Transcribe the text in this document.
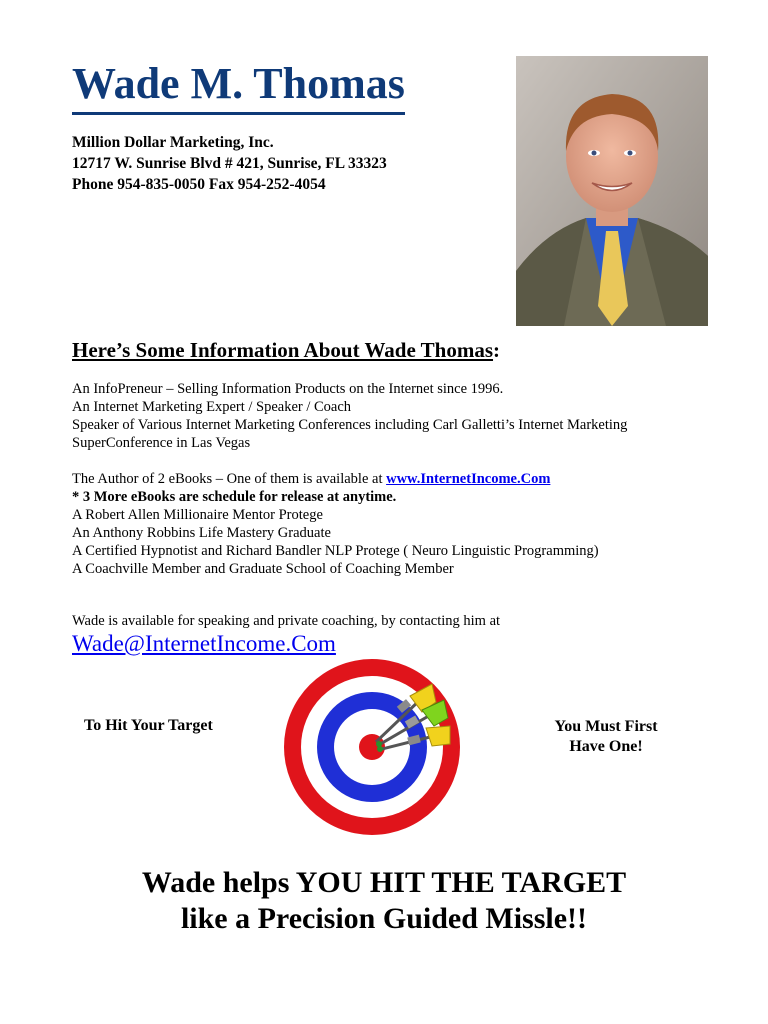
Wade M. Thomas
Million Dollar Marketing, Inc.
12717 W. Sunrise Blvd # 421, Sunrise, FL 33323
Phone 954-835-0050 Fax 954-252-4054
Here’s Some Information About Wade Thomas:
An InfoPreneur – Selling Information Products on the Internet since 1996.
An Internet Marketing Expert / Speaker / Coach
Speaker of Various Internet Marketing Conferences including Carl Galletti’s Internet Marketing
SuperConference in Las Vegas
The Author of 2 eBooks – One of them is available at www.InternetIncome.Com
* 3 More eBooks are schedule for release at anytime.
A Robert Allen Millionaire Mentor Protege
An Anthony Robbins Life Mastery Graduate
A Certified Hypnotist and Richard Bandler NLP Protege ( Neuro Linguistic Programming)
A Coachville Member and Graduate School of Coaching Member
Wade is available for speaking and private coaching, by contacting him at
Wade@InternetIncome.Com
To Hit Your Target	You Must First
Have One!
Wade helps YOU HIT THE TARGET
like a Precision Guided Missle!!
